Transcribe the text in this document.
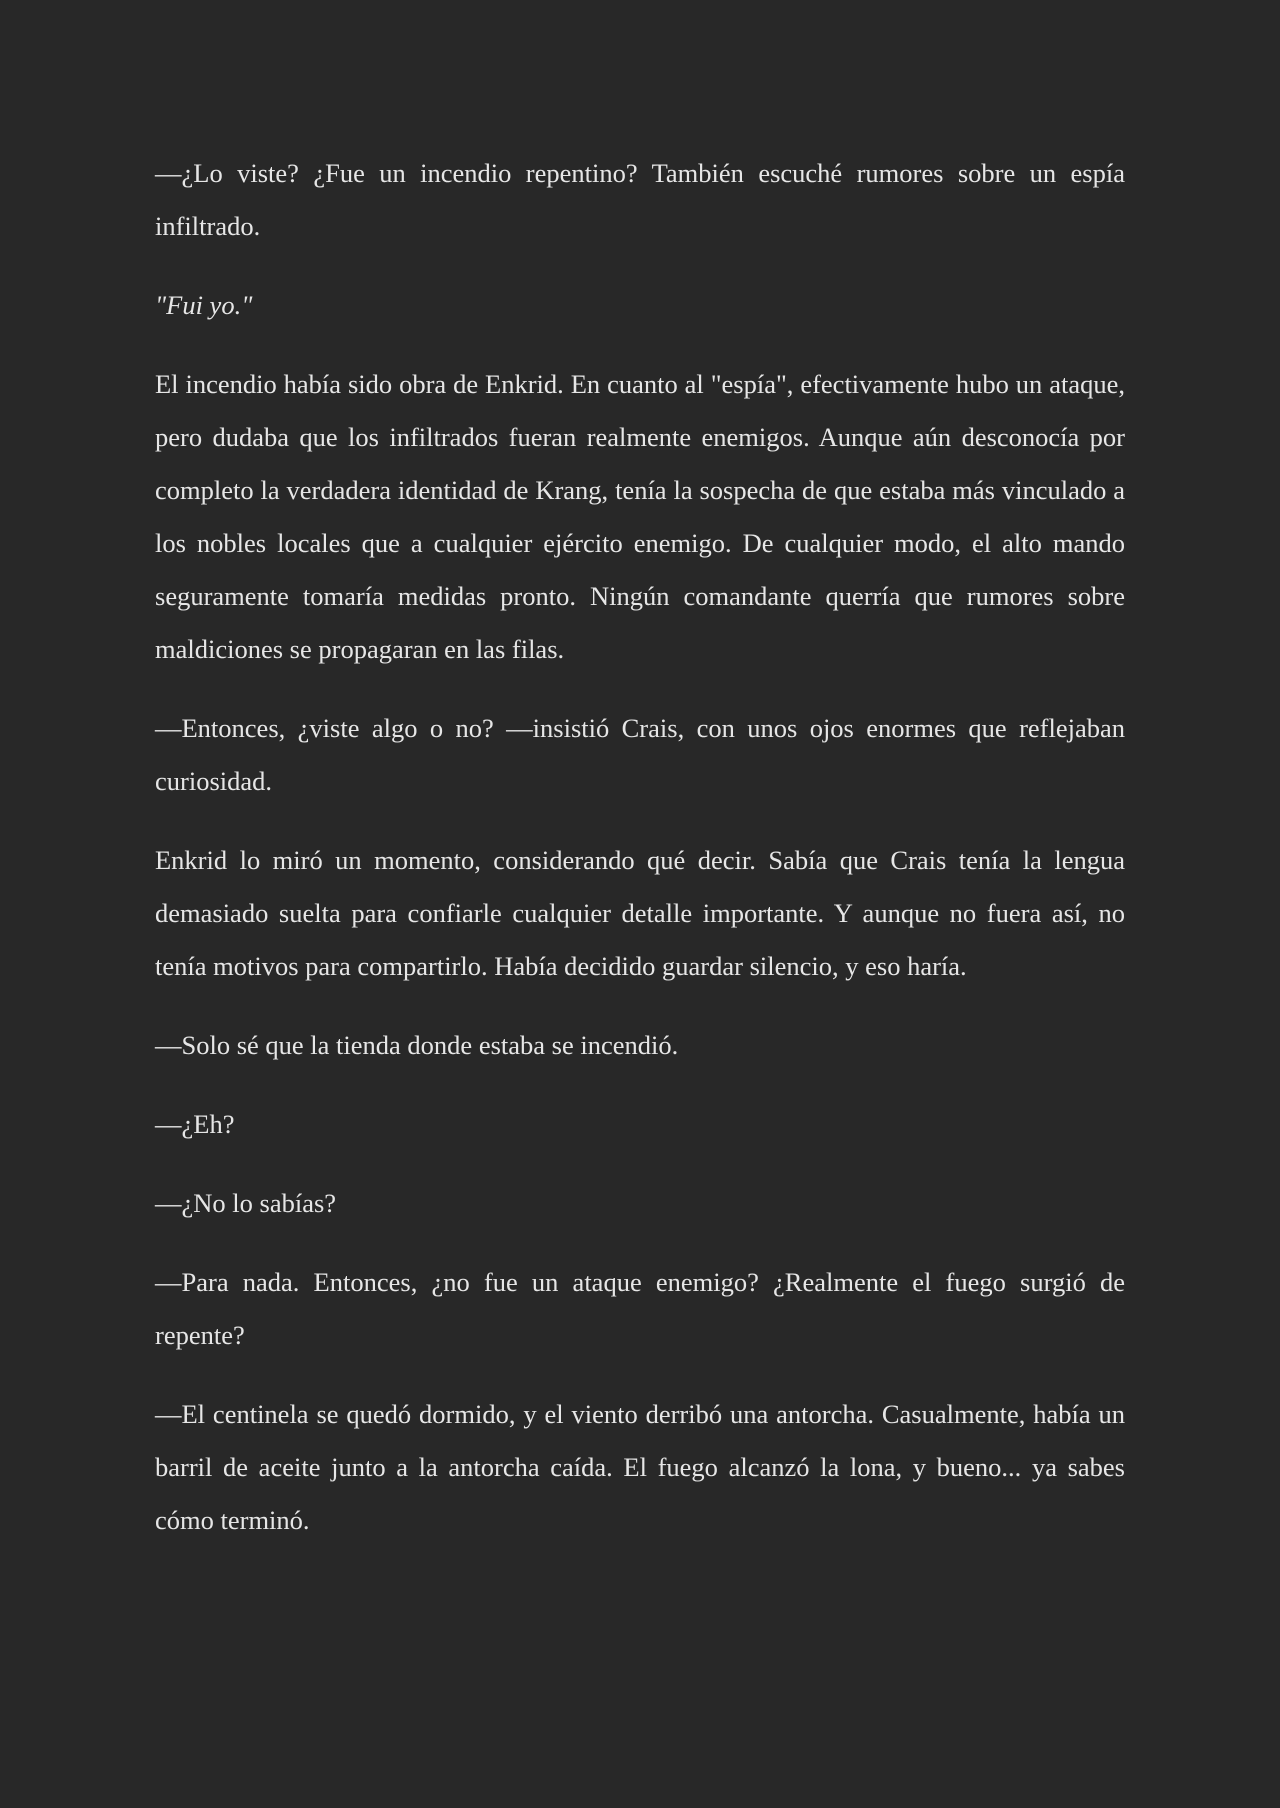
—¿Lo viste? ¿Fue un incendio repentino? También escuché rumores sobre un espía infiltrado.

"Fui yo."

El incendio había sido obra de Enkrid. En cuanto al "espía", efectivamente hubo un ataque, pero dudaba que los infiltrados fueran realmente enemigos. Aunque aún desconocía por completo la verdadera identidad de Krang, tenía la sospecha de que estaba más vinculado a los nobles locales que a cualquier ejército enemigo. De cualquier modo, el alto mando seguramente tomaría medidas pronto. Ningún comandante querría que rumores sobre maldiciones se propagaran en las filas.

—Entonces, ¿viste algo o no? —insistió Crais, con unos ojos enormes que reflejaban curiosidad.

Enkrid lo miró un momento, considerando qué decir. Sabía que Crais tenía la lengua demasiado suelta para confiarle cualquier detalle importante. Y aunque no fuera así, no tenía motivos para compartirlo. Había decidido guardar silencio, y eso haría.

—Solo sé que la tienda donde estaba se incendió.

—¿Eh?

—¿No lo sabías?

—Para nada. Entonces, ¿no fue un ataque enemigo? ¿Realmente el fuego surgió de repente?

—El centinela se quedó dormido, y el viento derribó una antorcha. Casualmente, había un barril de aceite junto a la antorcha caída. El fuego alcanzó la lona, y bueno... ya sabes cómo terminó.
